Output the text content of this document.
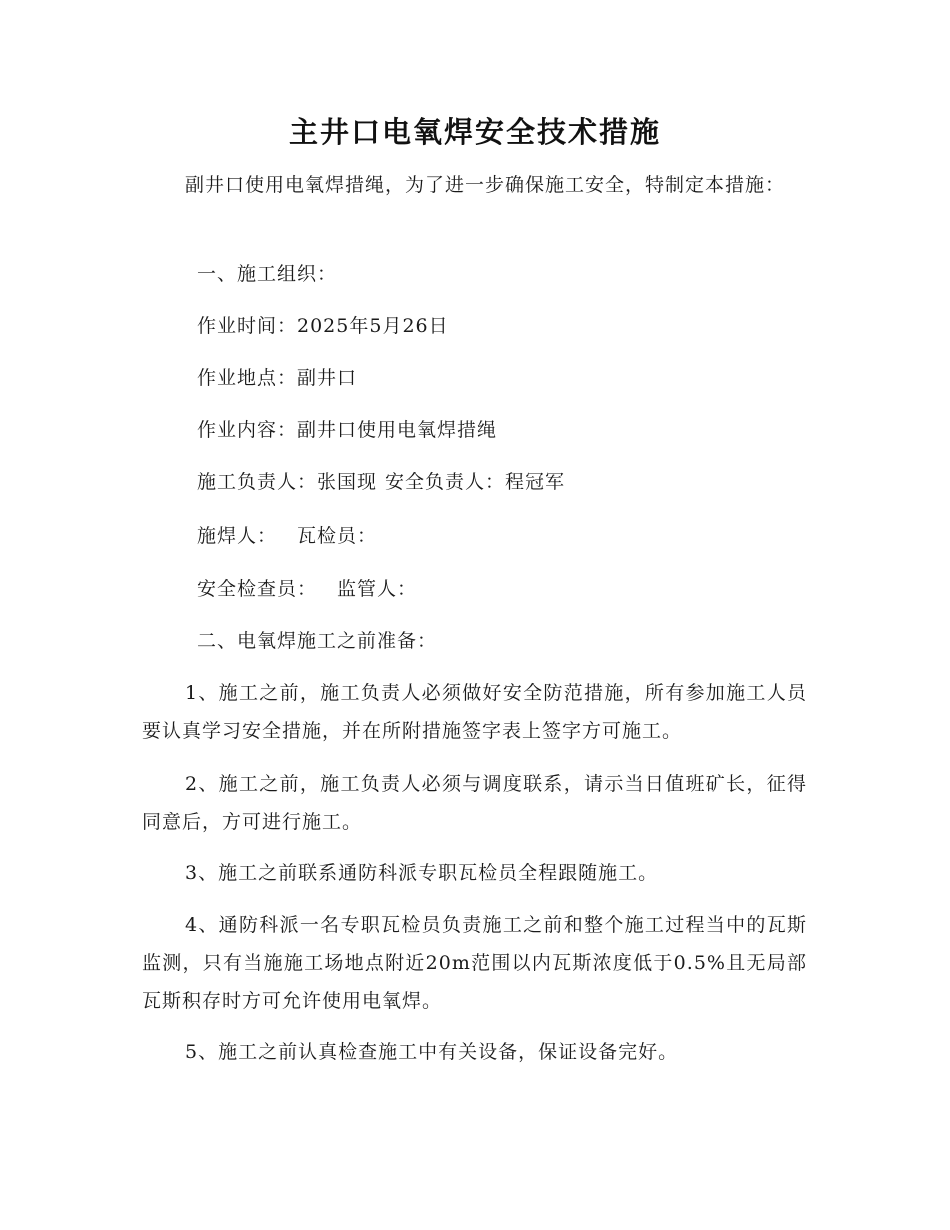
主井口电氧焊安全技术措施

副井口使用电氧焊措绳，为了进一步确保施工安全，特制定本措施：

一、施工组织：
作业时间：2025年5月26日
作业地点：副井口
作业内容：副井口使用电氧焊措绳
施工负责人：张国现 安全负责人：程冠军
施焊人： 瓦检员：
安全检查员： 监管人：
二、电氧焊施工之前准备：

1、施工之前，施工负责人必须做好安全防范措施，所有参加施工人员要认真学习安全措施，并在所附措施签字表上签字方可施工。

2、施工之前，施工负责人必须与调度联系，请示当日值班矿长，征得同意后，方可进行施工。

3、施工之前联系通防科派专职瓦检员全程跟随施工。

4、通防科派一名专职瓦检员负责施工之前和整个施工过程当中的瓦斯监测，只有当施施工场地点附近20m范围以内瓦斯浓度低于0.5%且无局部瓦斯积存时方可允许使用电氧焊。

5、施工之前认真检查施工中有关设备，保证设备完好。
